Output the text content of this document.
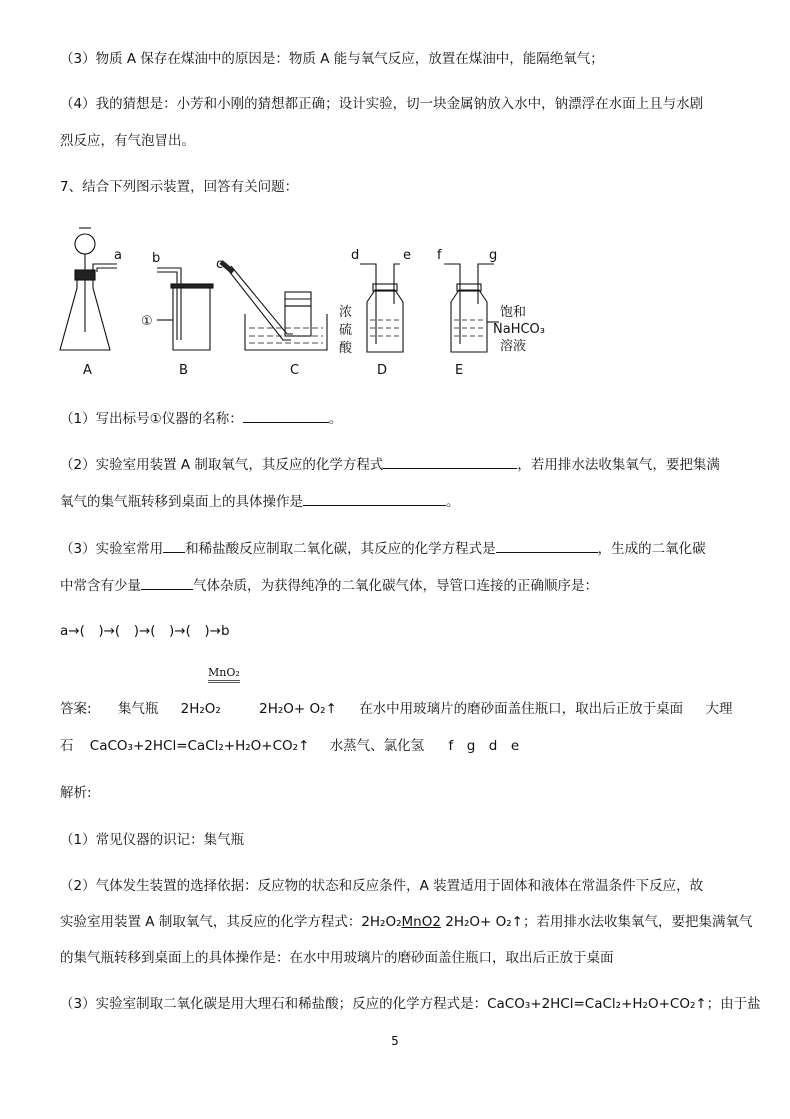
（3）物质 A 保存在煤油中的原因是：物质 A 能与氧气反应，放置在煤油中，能隔绝氧气；
（4）我的猜想是：小芳和小刚的猜想都正确；设计实验，切一块金属钠放入水中，钠漂浮在水面上且与水剧
烈反应，有气泡冒出。
7、结合下列图示装置，回答有关问题：
A	B	C	D	E
a b	c
d	e f	g
①
浓
硫
酸
饱和
NaHCO₃
溶液
（1）写出标号①仪器的名称：	。
（2）实验室用装置 A 制取氧气，其反应的化学方程式	，若用排水法收集氧气，要把集满
氧气的集气瓶转移到桌面上的具体操作是	。
（3）实验室常用 和稀盐酸反应制取二氧化碳，其反应的化学方程式是	，生成的二氧化碳
中常含有少量	气体杂质，为获得纯净的二氧化碳气体，导管口连接的正确顺序是：
a→(　)→(　)→(　)→(　)→b
MnO₂
答案: 集气瓶 2H₂O₂	2H₂O+ O₂↑ 在水中用玻璃片的磨砂面盖住瓶口，取出后正放于桌面 大理
石 CaCO₃+2HCl=CaCl₂+H₂O+CO₂↑ 水蒸气、氯化氢 f　g　d　e
解析:
（1）常见仪器的识记：集气瓶
（2）气体发生装置的选择依据：反应物的状态和反应条件，A 装置适用于固体和液体在常温条件下反应，故
实验室用装置 A 制取氧气，其反应的化学方程式：2H₂O₂MnO2 2H₂O+ O₂↑；若用排水法收集氧气，要把集满氧气
的集气瓶转移到桌面上的具体操作是：在水中用玻璃片的磨砂面盖住瓶口，取出后正放于桌面
（3）实验室制取二氧化碳是用大理石和稀盐酸；反应的化学方程式是：CaCO₃+2HCl=CaCl₂+H₂O+CO₂↑；由于盐
5
